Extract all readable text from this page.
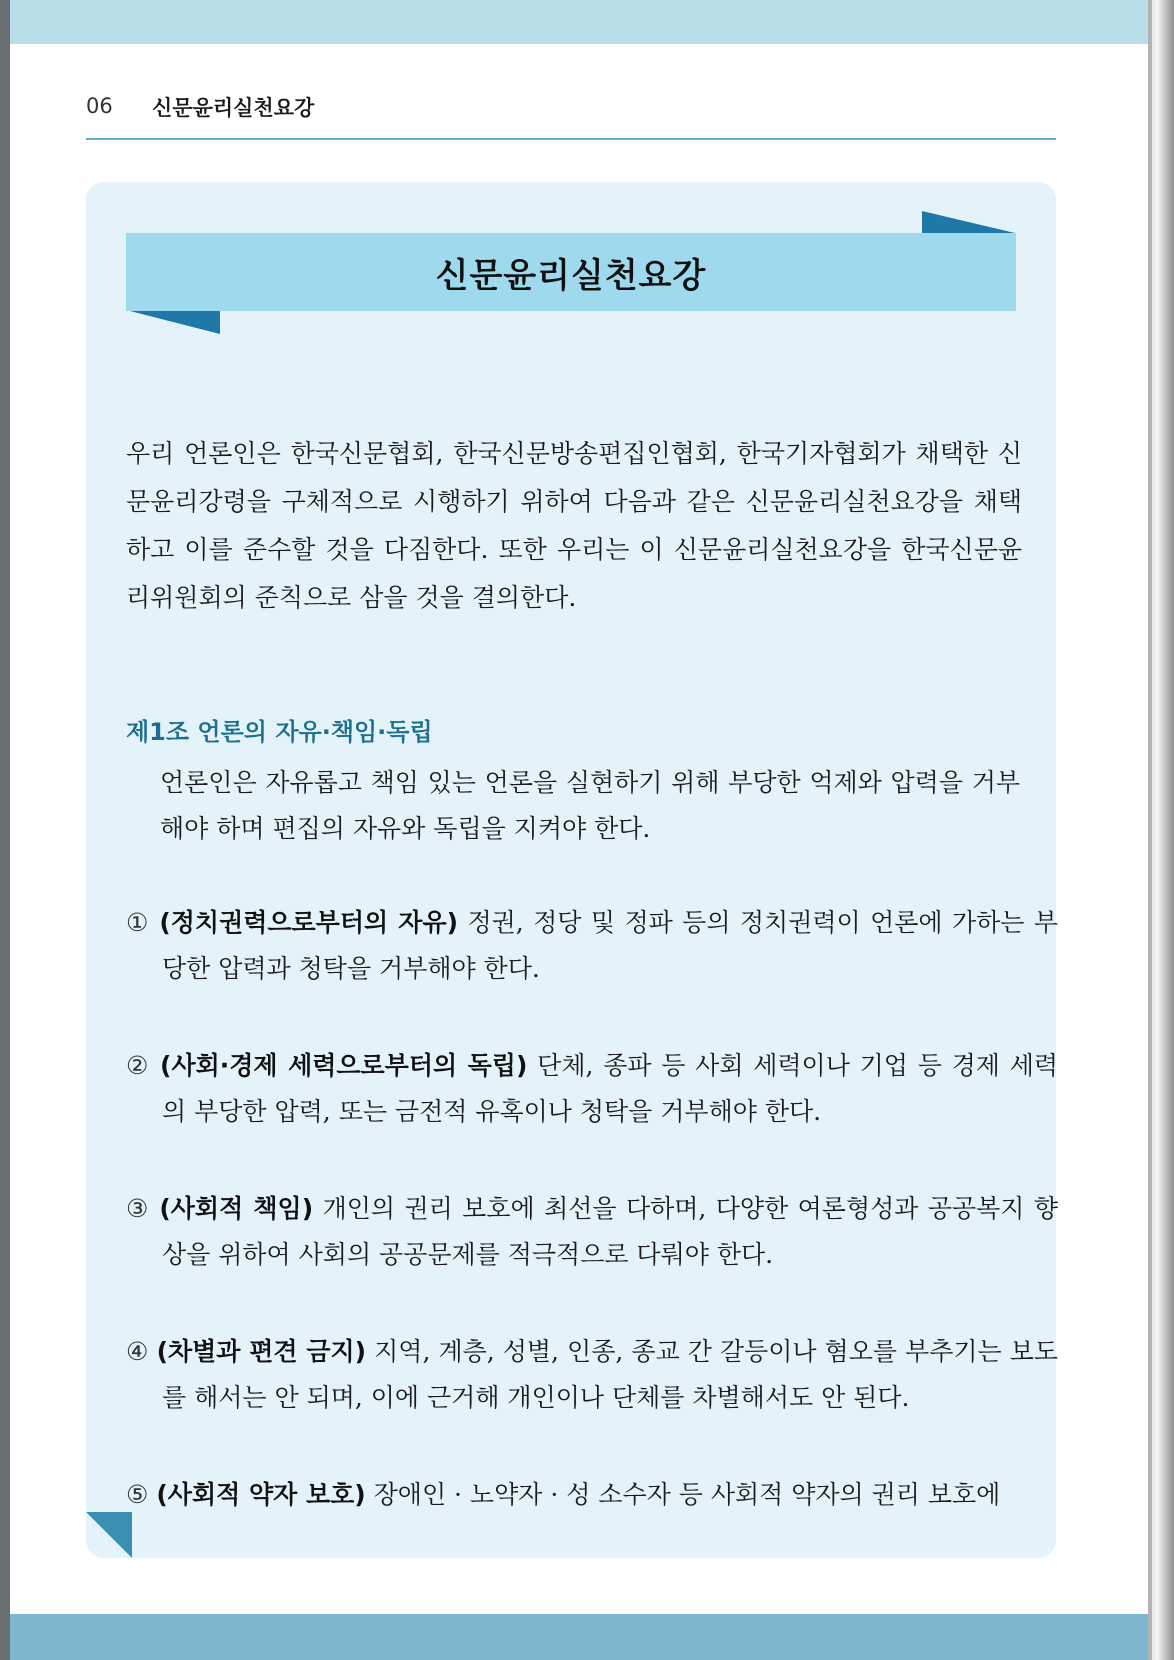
06 신문윤리실천요강
신문윤리실천요강

우리 언론인은 한국신문협회, 한국신문방송편집인협회, 한국기자협회가 채택한 신문윤리강령을 구체적으로 시행하기 위하여 다음과 같은 신문윤리실천요강을 채택하고 이를 준수할 것을 다짐한다. 또한 우리는 이 신문윤리실천요강을 한국신문윤리위원회의 준칙으로 삼을 것을 결의한다.

제1조 언론의 자유·책임·독립

언론인은 자유롭고 책임 있는 언론을 실현하기 위해 부당한 억제와 압력을 거부해야 하며 편집의 자유와 독립을 지켜야 한다.

① (정치권력으로부터의 자유) 정권, 정당 및 정파 등의 정치권력이 언론에 가하는 부당한 압력과 청탁을 거부해야 한다.

② (사회·경제 세력으로부터의 독립) 단체, 종파 등 사회 세력이나 기업 등 경제 세력의 부당한 압력, 또는 금전적 유혹이나 청탁을 거부해야 한다.

③ (사회적 책임) 개인의 권리 보호에 최선을 다하며, 다양한 여론형성과 공공복지 향상을 위하여 사회의 공공문제를 적극적으로 다뤄야 한다.

④ (차별과 편견 금지) 지역, 계층, 성별, 인종, 종교 간 갈등이나 혐오를 부추기는 보도를 해서는 안 되며, 이에 근거해 개인이나 단체를 차별해서도 안 된다.

⑤ (사회적 약자 보호) 장애인 · 노약자 · 성 소수자 등 사회적 약자의 권리 보호에
